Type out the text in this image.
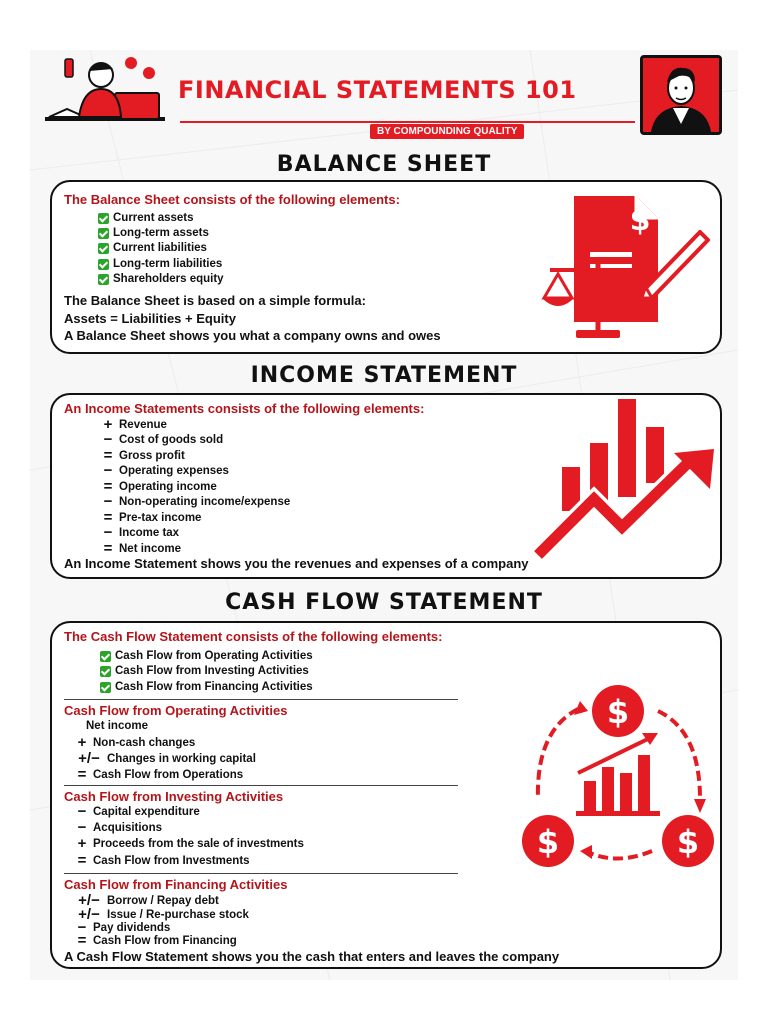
FINANCIAL STATEMENTS 101
BY COMPOUNDING QUALITY
BALANCE SHEET
The Balance Sheet consists of the following elements:
Current assets
Long-term assets
Current liabilities
Long-term liabilities
Shareholders equity
The Balance Sheet is based on a simple formula:
Assets = Liabilities + Equity
A Balance Sheet shows you what a company owns and owes
$
INCOME STATEMENT
An Income Statements consists of the following elements:
+ Revenue
− Cost of goods sold
= Gross profit
− Operating expenses
= Operating income
− Non-operating income/expense
= Pre-tax income
− Income tax
= Net income
An Income Statement shows you the revenues and expenses of a company
CASH FLOW STATEMENT
The Cash Flow Statement consists of the following elements:
Cash Flow from Operating Activities
Cash Flow from Investing Activities
Cash Flow from Financing Activities
Cash Flow from Operating Activities
Net income
+ Non-cash changes
+/− Changes in working capital
= Cash Flow from Operations
Cash Flow from Investing Activities
− Capital expenditure
− Acquisitions
+ Proceeds from the sale of investments
= Cash Flow from Investments
Cash Flow from Financing Activities
+/− Borrow / Repay debt
+/− Issue / Re-purchase stock
− Pay dividends
= Cash Flow from Financing
A Cash Flow Statement shows you the cash that enters and leaves the company
$
$	$
